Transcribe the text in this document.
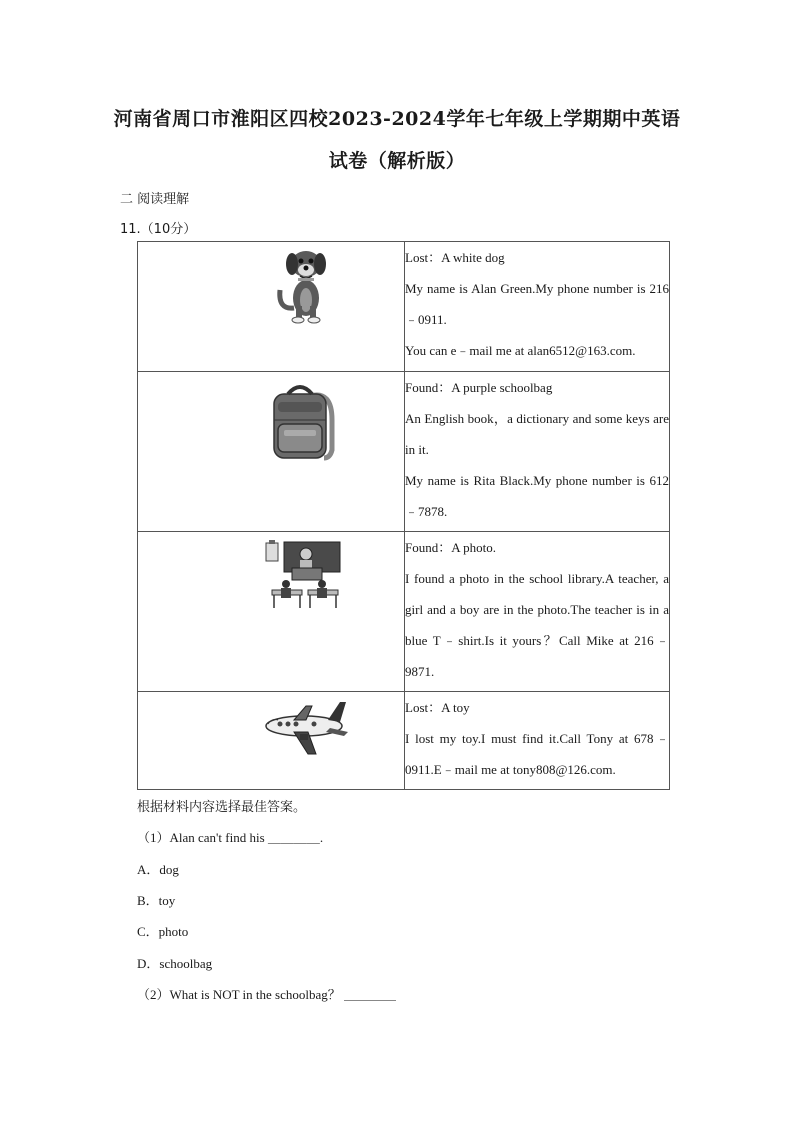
河南省周口市淮阳区四校2023-2024学年七年级上学期期中英语
试卷（解析版）
二 阅读理解
11.（10分）

Lost：A white dog
My name is Alan Green.My phone number is 216﹣0911.
You can e﹣mail me at alan6512@163.com.

Found：A purple schoolbag
An English book，a dictionary and some keys are in it.
My name is Rita Black.My phone number is 612﹣7878.

Found：A photo.
I found a photo in the school library.A teacher, a girl and a boy are in the photo.The teacher is in a blue T﹣shirt.Is it yours？Call Mike at 216﹣9871.

Lost：A toy
I lost my toy.I must find it.Call Tony at 678﹣0911.E﹣mail me at tony808@126.com.
根据材料内容选择最佳答案。
（1）Alan can't find his ＿＿＿＿.
A．dog
B．toy
C．photo
D．schoolbag
（2）What is NOT in the schoolbag？ ＿＿＿＿
